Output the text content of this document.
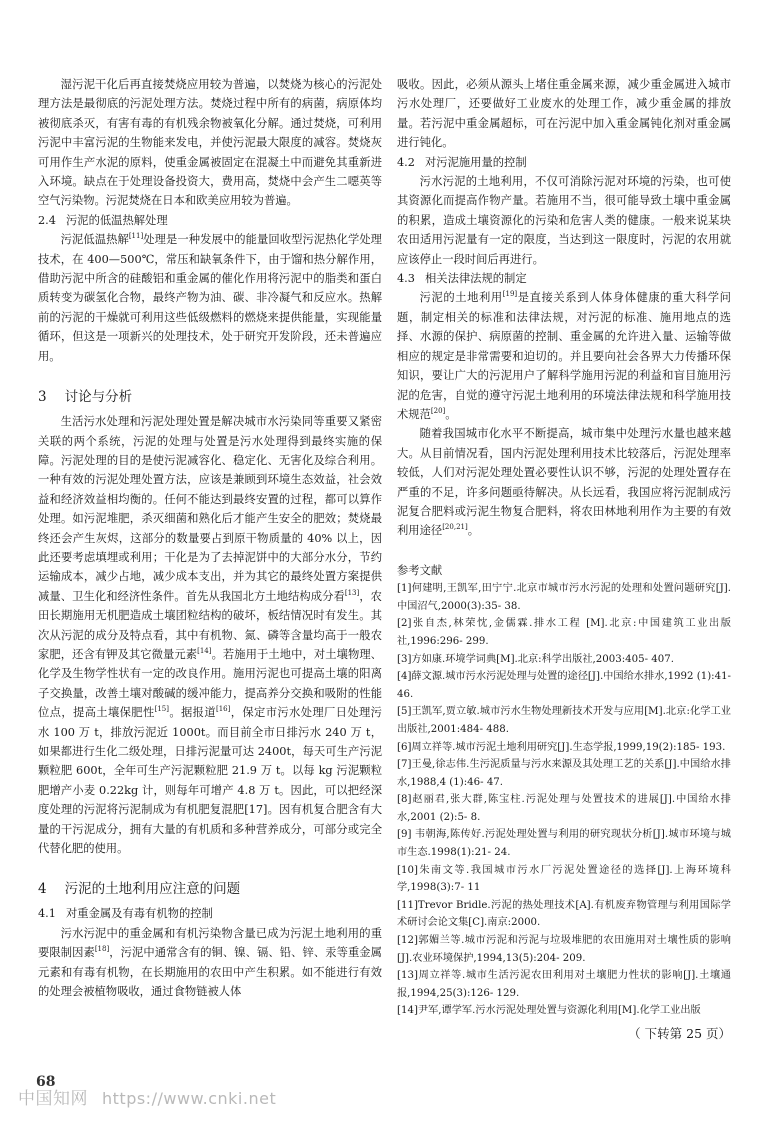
湿污泥干化后再直接焚烧应用较为普遍，以焚烧为核心的污泥处理方法是最彻底的污泥处理方法。焚烧过程中所有的病菌，病原体均被彻底杀灭，有害有毒的有机残余物被氧化分解。通过焚烧，可利用污泥中丰富污泥的生物能来发电，并使污泥最大限度的减容。焚烧灰可用作生产水泥的原料，使重金属被固定在混凝土中而避免其重新进入环境。缺点在于处理设备投资大，费用高，焚烧中会产生二噁英等空气污染物。污泥焚烧在日本和欧美应用较为普遍。

2.4 污泥的低温热解处理

污泥低温热解[11]处理是一种发展中的能量回收型污泥热化学处理技术，在 400—500℃，常压和缺氧条件下，由于馏和热分解作用，借助污泥中所含的硅酸铝和重金属的催化作用将污泥中的脂类和蛋白质转变为碳氢化合物，最终产物为油、碳、非冷凝气和反应水。热解前的污泥的干燥就可利用这些低级燃料的燃烧来提供能量，实现能量循环，但这是一项新兴的处理技术，处于研究开发阶段，还未普遍应用。

3 讨论与分析

生活污水处理和污泥处理处置是解决城市水污染同等重要又紧密关联的两个系统，污泥的处理与处置是污水处理得到最终实施的保障。污泥处理的目的是使污泥减容化、稳定化、无害化及综合利用。一种有效的污泥处理处置方法，应该是兼顾到环境生态效益，社会效益和经济效益相均衡的。任何不能达到最终安置的过程，都可以算作处理。如污泥堆肥，杀灭细菌和熟化后才能产生安全的肥效；焚烧最终还会产生灰烬，这部分的数量要占到原干物质量的 40% 以上，因此还要考虑填埋或利用；干化是为了去掉泥饼中的大部分水分，节约运输成本，减少占地，减少成本支出，并为其它的最终处置方案提供减量、卫生化和经济性条件。首先从我国北方土地结构成分看[13]，农田长期施用无机肥造成土壤团粒结构的破坏，板结情况时有发生。其次从污泥的成分及特点看，其中有机物、氮、磷等含量均高于一般农家肥，还含有钾及其它微量元素[14]。若施用于土地中，对土壤物理、化学及生物学性状有一定的改良作用。施用污泥也可提高土壤的阳离子交换量，改善土壤对酸碱的缓冲能力，提高养分交换和吸附的性能位点，提高土壤保肥性[15]。据报道[16]，保定市污水处理厂日处理污水 100 万 t，排放污泥近 1000t。而目前全市日排污水 240 万 t，如果都进行生化二级处理，日排污泥量可达 2400t，每天可生产污泥颗粒肥 600t，全年可生产污泥颗粒肥 21.9 万 t。以每 kg 污泥颗粒肥增产小麦 0.22kg 计，则每年可增产 4.8 万 t。因此，可以把经深度处理的污泥将污泥制成为有机肥复混肥[17]。因有机复合肥含有大量的干污泥成分，拥有大量的有机质和多种营养成分，可部分或完全代替化肥的使用。

4 污泥的土地利用应注意的问题
4.1 对重金属及有毒有机物的控制

污水污泥中的重金属和有机污染物含量已成为污泥土地利用的重要限制因素[18]，污泥中通常含有的铜、镍、镉、铅、锌、汞等重金属元素和有毒有机物，在长期施用的农田中产生积累。如不能进行有效的处理会被植物吸收，通过食物链被人体

吸收。因此，必须从源头上堵住重金属来源，减少重金属进入城市污水处理厂，还要做好工业废水的处理工作，减少重金属的排放量。若污泥中重金属超标，可在污泥中加入重金属钝化剂对重金属进行钝化。

4.2 对污泥施用量的控制

污水污泥的土地利用，不仅可消除污泥对环境的污染，也可使其资源化而提高作物产量。若施用不当，很可能导致土壤中重金属的积累，造成土壤资源化的污染和危害人类的健康。一般来说某块农田适用污泥量有一定的限度，当达到这一限度时，污泥的农用就应该停止一段时间后再进行。

4.3 相关法律法规的制定

污泥的土地利用[19]是直接关系到人体身体健康的重大科学问题，制定相关的标准和法律法规，对污泥的标准、施用地点的选择、水源的保护、病原菌的控制、重金属的允许进入量、运输等做相应的规定是非常需要和迫切的。并且要向社会各界大力传播环保知识，要让广大的污泥用户了解科学施用污泥的利益和盲目施用污泥的危害，自觉的遵守污泥土地利用的环境法律法规和科学施用技术规范[20]。

随着我国城市化水平不断提高，城市集中处理污水量也越来越大。从目前情况看，国内污泥处理利用技术比较落后，污泥处理率较低，人们对污泥处理处置必要性认识不够，污泥的处理处置存在严重的不足，许多问题亟待解决。从长远看，我国应将污泥制成污泥复合肥料或污泥生物复合肥料，将农田林地利用作为主要的有效利用途径[20,21]。

参考文献

[1]何建明,王凯军,田宁宁.北京市城市污水污泥的处理和处置问题研究[J].中国沼气,2000(3):35- 38.

[2]张自杰,林荣忱,金儒霖.排水工程 [M].北京:中国建筑工业出版社,1996:296- 299.

[3]方如康.环境学词典[M].北京:科学出版社,2003:405- 407.

[4]薛文源.城市污水污泥处理与处置的途径[J].中国给水排水,1992 (1):41- 46.

[5]王凯军,贾立敏.城市污水生物处理新技术开发与应用[M].北京:化学工业出版社,2001:484- 488.

[6]周立祥等.城市污泥土地利用研究[J].生态学报,1999,19(2):185- 193.

[7]王曼,徐志伟.生污泥质量与污水来源及其处理工艺的关系[J].中国给水排水,1988,4 (1):46- 47.

[8]赵丽君,张大群,陈宝柱.污泥处理与处置技术的进展[J].中国给水排水,2001 (2):5- 8.

[9] 韦朝海,陈传好.污泥处理处置与利用的研究现状分析[J].城市环境与城市生态.1998(1):21- 24.

[10]朱南文等.我国城市污水厂污泥处置途径的选择[J].上海环境科学,1998(3):7- 11

[11]Trevor Bridle.污泥的热处理技术[A].有机废弃物管理与利用国际学术研讨会论文集[C].南京:2000.

[12]郭媚兰等.城市污泥和污泥与垃圾堆肥的农田施用对土壤性质的影响[J].农业环境保护,1994,13(5):204- 209.

[13]周立祥等.城市生活污泥农田利用对土壤肥力性状的影响[J].土壤通报,1994,25(3):126- 129.

[14]尹军,谭学军.污水污泥处理处置与资源化利用[M].化学工业出版

（ 下转第 25 页）
68
中国知网 https://www.cnki.net
